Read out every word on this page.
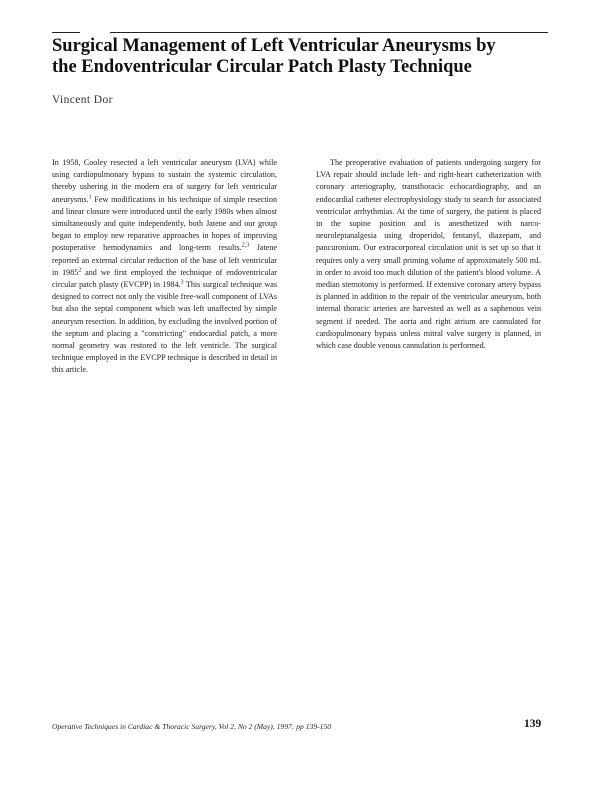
Surgical Management of Left Ventricular Aneurysms by
the Endoventricular Circular Patch Plasty Technique
Vincent Dor

In 1958, Cooley resected a left ventricular aneurysm (LVA) while using cardiopulmonary bypass to sustain the systemic circulation, thereby ushering in the modern era of surgery for left ventricular aneurysms.$^1$ Few modifications in his technique of simple resection and linear closure were introduced until the early 1980s when almost simultaneously and quite independently, both Jatene and our group began to employ new reparative approaches in hopes of improving postoperative hemodynamics and long-term results.$^{2,3}$ Jatene reported an external circular reduction of the base of left ventricular in 1985$^2$ and we first employed the technique of endoventricular circular patch plasty (EVCPP) in 1984.$^3$ This surgical technique was designed to correct not only the visible free-wall component of LVAs but also the septal component which was left unaffected by simple aneurysm resection. In addition, by excluding the involved portion of the septum and placing a "constricting" endocardial patch, a more normal geometry was restored to the left ventricle. The surgical technique employed in the EVCPP technique is described in detail in this article.

The preoperative evaluation of patients undergoing surgery for LVA repair should include left- and right-heart catheterization with coronary arteriography, transthoracic echocardiography, and an endocardial catheter electrophysiology study to search for associated ventricular arrhythmias. At the time of surgery, the patient is placed in the supine position and is anesthetized with narco-neuroleptanalgesia using droperidol, fentanyl, diazepam, and pancuronium. Our extracorporeal circulation unit is set up so that it requires only a very small priming volume of approximately 500 mL in order to avoid too much dilution of the patient's blood volume. A median sternotomy is performed. If extensive coronary artery bypass is planned in addition to the repair of the ventricular aneurysm, both internal thoracic arteries are harvested as well as a saphenous vein segment if needed. The aorta and right atrium are cannulated for cardiopulmonary bypass unless mitral valve surgery is planned, in which case double venous cannulation is performed.

Operative Techniques in Cardiac & Thoracic Surgery, Vol 2, No 2 (May), 1997: pp 139-150	139
